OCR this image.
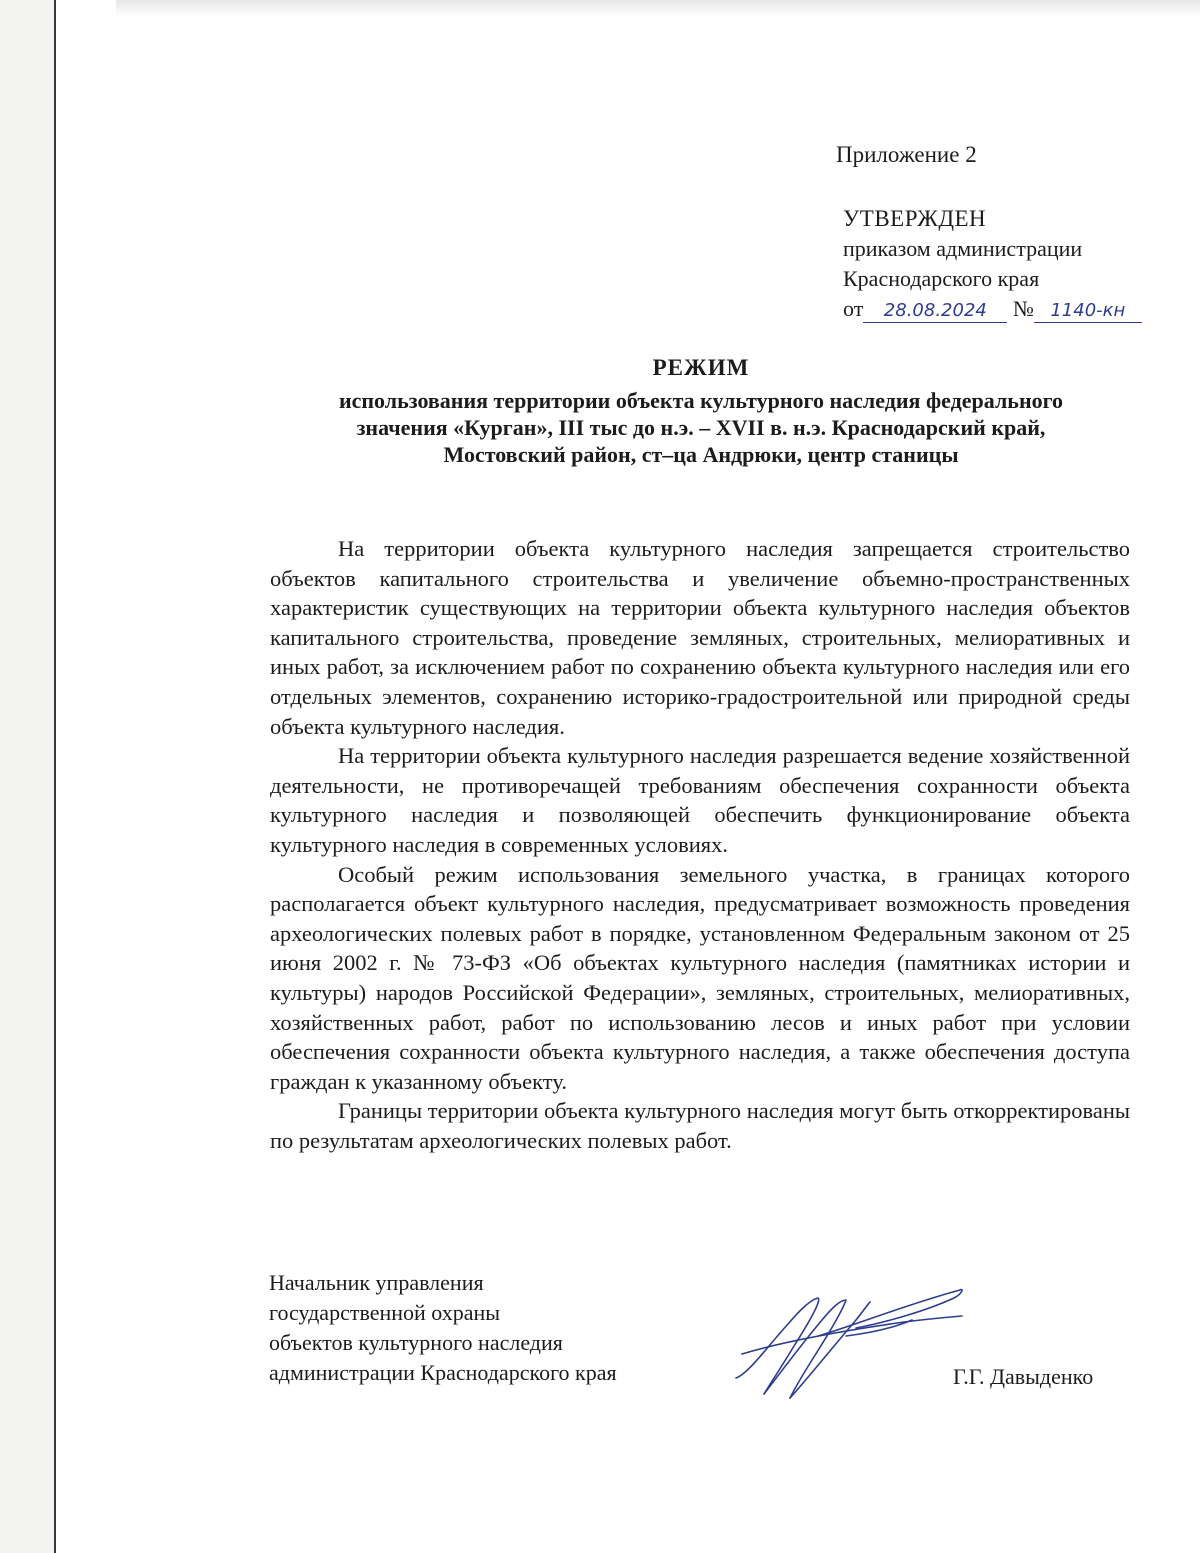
Приложение 2
УТВЕРЖДЕН
приказом администрации
Краснодарского края
от 28.08.2024 № 1140-кн
РЕЖИМ
использования территории объекта культурного наследия федерального
значения «Курган», III тыс до н.э. – XVII в. н.э. Краснодарский край,
Мостовский район, ст–ца Андрюки, центр станицы

На территории объекта культурного наследия запрещается строительство объектов капитального строительства и увеличение объемно-пространственных характеристик существующих на территории объекта культурного наследия объектов капитального строительства, проведение земляных, строительных, мелиоративных и иных работ, за исключением работ по сохранению объекта культурного наследия или его отдельных элементов, сохранению историко-градостроительной или природной среды объекта культурного наследия.

На территории объекта культурного наследия разрешается ведение хозяйственной деятельности, не противоречащей требованиям обеспечения сохранности объекта культурного наследия и позволяющей обеспечить функционирование объекта культурного наследия в современных условиях.

Особый режим использования земельного участка, в границах которого располагается объект культурного наследия, предусматривает возможность проведения археологических полевых работ в порядке, установленном Федеральным законом от 25 июня 2002 г. № 73-ФЗ «Об объектах культурного наследия (памятниках истории и культуры) народов Российской Федерации», земляных, строительных, мелиоративных, хозяйственных работ, работ по использованию лесов и иных работ при условии обеспечения сохранности объекта культурного наследия, а также обеспечения доступа граждан к указанному объекту.

Границы территории объекта культурного наследия могут быть откорректированы по результатам археологических полевых работ.

Начальник управления
государственной охраны
объектов культурного наследия
администрации Краснодарского края	Г.Г. Давыденко
